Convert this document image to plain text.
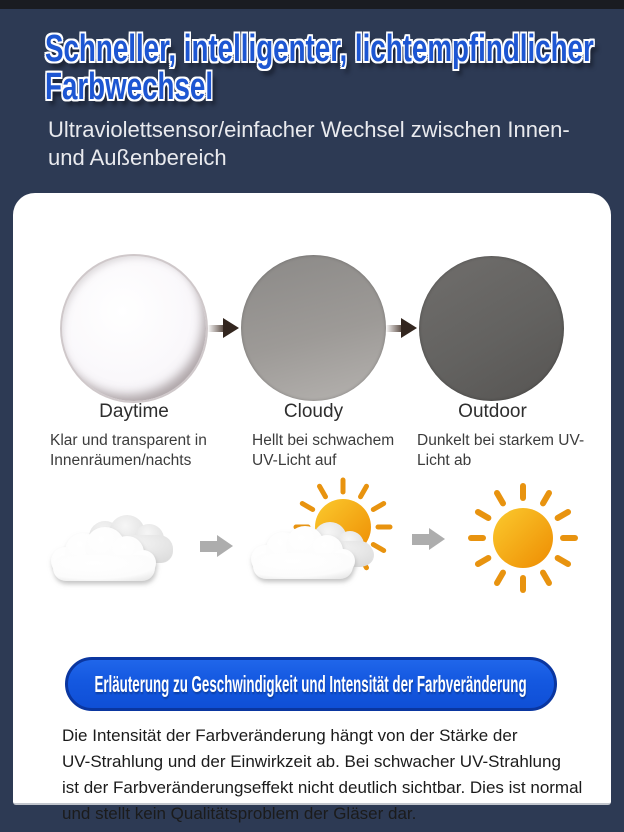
Schneller, intelligenter, lichtempfindlicher Farbwechsel

Ultraviolettsensor/einfacher Wechsel zwischen Innen- und Außenbereich

Daytime	Cloudy	Outdoor
Klar und transparent in Innenräumen/nachts
Hellt bei schwachem UV-Licht auf
Dunkelt bei starkem UV-Licht ab
Erläuterung zu Geschwindigkeit und Intensität der Farbveränderung
Die Intensität der Farbveränderung hängt von der Stärke der
UV-Strahlung und der Einwirkzeit ab. Bei schwacher UV-Strahlung
ist der Farbveränderungseffekt nicht deutlich sichtbar. Dies ist normal
und stellt kein Qualitätsproblem der Gläser dar.
